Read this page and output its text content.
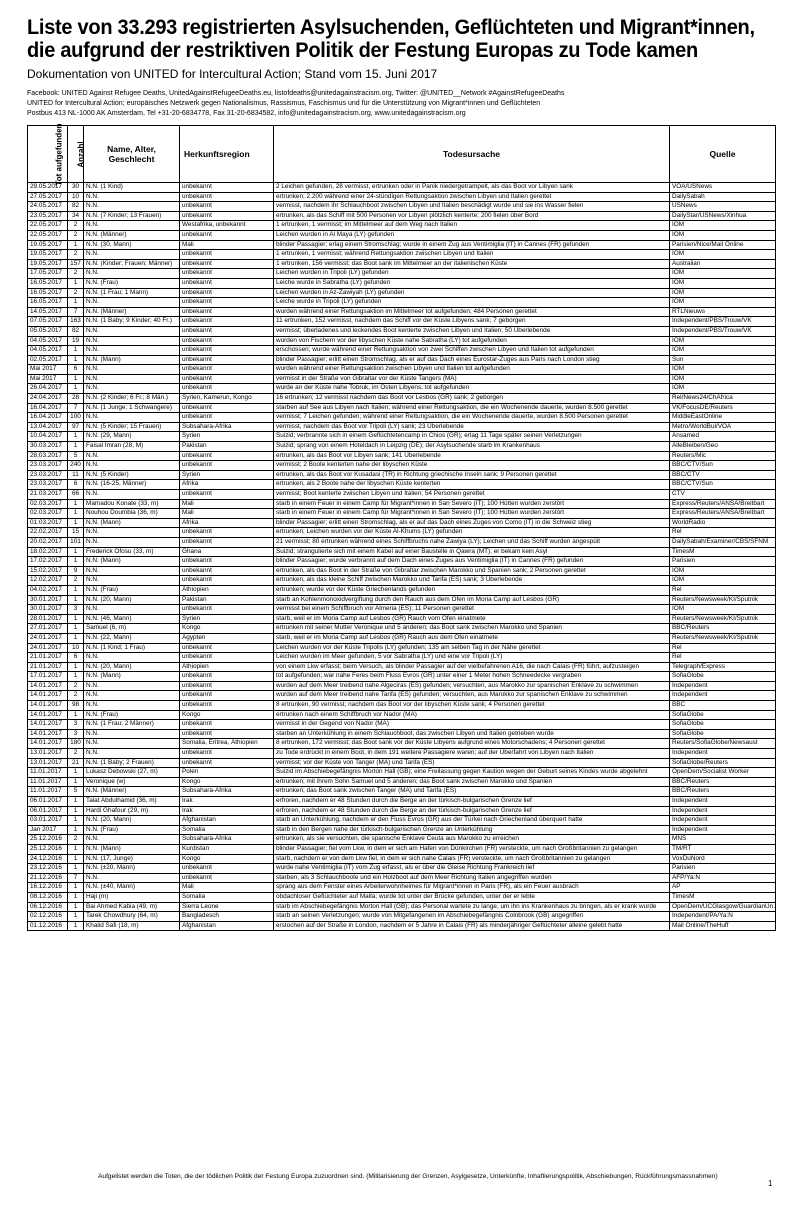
Liste von 33.293 registrierten Asylsuchenden, Geflüchteten und Migrant*innen,
die aufgrund der restriktiven Politik der Festung Europas zu Tode kamen
Dokumentation von UNITED for Intercultural Action; Stand vom 15. Juni 2017
Facebook: UNITED Against Refugee Deaths, UnitedAgainstRefugeeDeaths.eu, listofdeaths@unitedagainstracism.org, Twitter: @UNITED__Network #AgainstRefugeeDeaths
UNITED for Intercultural Action; europäisches Netzwerk gegen Nationalismus, Rassismus, Faschismus und für die Unterstützung von Migrant*innen und Geflüchteten
Postbus 413 NL-1000 AK Amsterdam, Tel +31-20-6834778, Fax 31-20-6834582, info@unitedagainstracism.org, www.unitedagainstracism.org
Tot aufgefunden	Anzahl	Name, Alter, Geschlecht	Herkunftsregion	Todesursache	Quelle
29.05.2017	30	N.N. (1 Kind)	unbekannt	2 Leichen gefunden, 28 vermisst, ertrunken oder in Panik niedergetrampelt, als das Boot vor Libyen sank	VOA/USNews
27.05.2017	10	N.N.	unbekannt	ertrunken; 2.200 während einer 24-stündigen Rettungsaktion zwischen Libyen und Italien gerettet	DailySabah
24.05.2017	82	N.N.	unbekannt	vermisst, nachdem ihr Schlauchboot zwischen Libyen und Italien beschädigt wurde und sie ins Wasser fielen	USNews
23.05.2017	34	N.N. (7 Kinder; 13 Frauen)	unbekannt	ertrunken, als das Schiff mit 500 Personen vor Libyen plötzlich kenterte; 200 fielen über Bord	DailyStar/USNews/Xinhua
22.05.2017	2	N.N.	Westafrika, unbekannt	1 ertrunken, 1 vermisst; im Mittelmeer auf dem Weg nach Italien	IOM
22.05.2017	2	N.N. (Männer)	unbekannt	Leichen wurden in Al Maya (LY) gefunden	IOM
19.05.2017	1	N.N. (30, Mann)	Mali	blinder Passagier; erlag einem Stromschlag; wurde in einem Zug aus Ventimiglia (IT) in Cannes (FR) gefunden	Parisien/Nice/Mail Online
19.05.2017	2	N.N.	unbekannt	1 ertrunken, 1 vermisst; während Rettungsaktion zwischen Libyen und Italien	IOM
19.05.2017	157	N.N. (Kinder; Frauen; Männer)	unbekannt	1 ertrunken, 156 vermisst; das Boot sank im Mittelmeer an der italienischen Küste	Australian
17.05.2017	2	N.N.	unbekannt	Leichen wurden in Tripoli (LY) gefunden	IOM
16.05.2017	1	N.N. (Frau)	unbekannt	Leiche wurde in Sabratha (LY) gefunden	IOM
16.05.2017	2	N.N. (1 Frau; 1 Mann)	unbekannt	Leichen wurden in Az-Zawiyah (LY) gefunden	IOM
16.05.2017	1	N.N.	unbekannt	Leiche wurde in Tripoli (LY) gefunden	IOM
14.05.2017	7	N.N. (Männer)	unbekannt	wurden während einer Rettungsaktion im Mittelmeer tot aufgefunden; 484 Personen gerettet	RTLNieuws
07.05.2017	163	N.N. (1 Baby; 9 Kinder; 40 Fr.)	unbekannt	11 ertrunken, 152 vermisst, nachdem das Schiff vor der Küste Libyens sank; 7 geborgen	Independent/PBS/Trouw/VK
05.05.2017	82	N.N.	unbekannt	vermisst; überladenes und leckendes Boot kenterte zwischen Libyen und Italien; 50 Überlebende	Independent/PBS/Trouw/VK
04.05.2017	19	N.N.	unbekannt	wurden von Fischern vor der libyschen Küste nahe Sabratha (LY) tot aufgefunden	IOM
04.05.2017	1	N.N.	unbekannt	erschossen; wurde während einer Rettungsaktion von zwei Schiffen zwischen Libyen und Italien tot aufgefunden	IOM
02.05.2017	1	N.N. (Mann)	unbekannt	blinder Passagier; erlitt einen Stromschlag, als er auf das Dach eines Eurostar-Zuges aus Paris nach London stieg	Sun
Mai 2017	6	N.N.	unbekannt	wurden während einer Rettungsaktion zwischen Libyen und Italien tot aufgefunden	IOM
Mai 2017	1	N.N.	unbekannt	vermisst in der Straße von Gibraltar vor der Küste Tangers (MA)	IOM
26.04.2017	1	N.N.	unbekannt	wurde an der Küste nahe Tobruk, im Osten Libyens, tot aufgefunden	IOM
24.04.2017	28	N.N. (2 Kinder; 6 Fr.; 8 Män.)	Syrien, Kamerun, Kongo	16 ertrunken; 12 vermisst nachdem das Boot vor Lesbos (GR) sank; 2 geborgen	Rel/News24/ChAfrica
16.04.2017	7	N.N. (1 Junge; 1 Schwangere)	unbekannt	starben auf See aus Libyen nach Italien; während einer Rettungsaktion, die ein Wochenende dauerte, wurden 8.500 gerettet	VK/FocusDE/Reuters
16.04.2017	100	N.N.	unbekannt	vermisst; 7 Leichen gefunden; während einer Rettungsaktion, die ein Wochenende dauerte, wurden 8.500 Personen gerettet	MiddleEastOnline
13.04.2017	97	N.N. (5 Kinder; 15 Frauen)	Subsahara-Afrika	vermisst, nachdem das Boot vor Tripoli (LY) sank; 23 Überlebende	Metro/WorldBul/VOA
10.04.2017	1	N.N. (29, Mann)	Syrien	Suizid; verbrannte sich in einem Geflüchtetencamp in Chios (GR); erlag 11 Tage später seinen Verletzungen	Ansamed
30.03.2017	1	Faisal Imran (28, M)	Pakistan	Suizid; sprang von einem Hoteldach in Leipzig (DE); der Asylsuchende starb im Krankenhaus	AlleBleiben/Geo
28.03.2017	5	N.N.	unbekannt	ertrunken, als das Boot vor Libyen sank; 141 Überlebende	Reuters/Mic
23.03.2017	240	N.N.	unbekannt	vermisst; 2 Boote kenterten nahe der libyschen Küste	BBC/CTV/Sun
23.03.2017	11	N.N. (5 Kinder)	Syrien	ertrunken, als das Boot vor Kusadasi (TR) in Richtung griechische Inseln sank; 9 Personen gerettet	BBC/CTV
23.03.2017	6	N.N. (16-25, Männer)	Afrika	ertrunken, als 2 Boote nahe der libyschen Küste kenterten	BBC/CTV/Sun
21.03.2017	66	N.N.	unbekannt	vermisst; Boot kenterte zwischen Libyen und Italien; 54 Personen gerettet	CTV
02.03.2017	1	Mamadou Konate (33, m)	Mali	starb in einem Feuer in einem Camp für Migrant*innen in San Severo (IT); 100 Hütten wurden zerstört	Express/Reuters/ANSA/Breitbart
02.03.2017	1	Nouhou Doumbia (36, m)	Mali	starb in einem Feuer in einem Camp für Migrant*innen in San Severo (IT); 100 Hütten wurden zerstört	Express/Reuters/ANSA/Breitbart
01.03.2017	1	N.N. (Mann)	Afrika	blinder Passagier; erlitt einen Stromschlag, als er auf das Dach eines Zuges von Como (IT) in die Schweiz stieg	WorldRadio
22.02.2017	15	N.N.	unbekannt	ertrunken; Leichen wurden vor der Küste Al-Khums (LY) gefunden	Rel
20.02.2017	101	N.N.	unbekannt	21 vermisst; 80 ertrunken während eines Schiffbruchs nahe Zawiya (LY); Leichen und das Schiff wurden angespült	DailySabah/Examiner/CBS/SFNM
18.02.2017	1	Frederick Ofosu (33, m)	Ghana	Suizid; strangulierte sich mit einem Kabel auf einer Baustelle in Qawra (MT); er bekam kein Asyl	TimesM
17.02.2017	1	N.N. (Mann)	unbekannt	blinder Passagier; wurde verbrannt auf dem Dach eines Zuges aus Ventimiglia (IT) in Cannes (FR) gefunden	Parisien
15.02.2017	9	N.N.	unbekannt	ertrunken, als das Boot in der Straße von Gibraltar zwischen Marokko und Spanien sank; 2 Personen gerettet	IOM
12.02.2017	2	N.N.	unbekannt	ertrunken, als das kleine Schiff zwischen Marokko und Tarifa (ES) sank; 3 Überlebende	IOM
04.02.2017	1	N.N. (Frau)	Äthiopien	ertrunken; wurde vor der Küste Griechenlands gefunden	Rel
30.01.2017	1	N.N. (20, Mann)	Pakistan	starb an Kohlenmonoxidvergiftung durch den Rauch aus dem Ofen im Moria Camp auf Lesbos (GR)	Reuters/Newsweek/KI/Sputnik
30.01.2017	3	N.N.	unbekannt	vermisst bei einem Schiffbruch vor Almeria (ES); 11 Personen gerettet	IOM
28.01.2017	1	N.N. (46, Mann)	Syrien	starb, weil er im Moria Camp auf Lesbos (GR) Rauch vom Ofen einatmete	Reuters/Newsweek/KI/Sputnik
27.01.2017	1	Samuel (6, m)	Kongo	ertrunken mit seiner Mutter Veronique und 5 anderen; das Boot sank zwischen Marokko und Spanien	BBC/Reuters
24.01.2017	1	N.N. (22, Mann)	Ägypten	starb, weil er im Moria Camp auf Lesbos (GR) Rauch aus dem Ofen einatmete	Reuters/Newsweek/KI/Sputnik
24.01.2017	10	N.N. (1 Kind; 1 Frau)	unbekannt	Leichen wurden vor der Küste Tripolis (LY) gefunden; 135 am selben Tag in der Nähe gerettet	Rel
21.01.2017	6	N.N.	unbekannt	Leichen wurden im Meer gefunden, 5 vor Sabratha (LY) und eine vor Tripoli (LY)	Rel
21.01.2017	1	N.N. (20, Mann)	Äthiopien	von einem Lkw erfasst; beim Versuch, als blinder Passagier auf der vielbefahrenen A16, die nach Calais (FR) führt, aufzusteigen	Telegraph/Express
17.01.2017	1	N.N. (Mann)	unbekannt	tot aufgefunden; war nahe Feres beim Fluss Evros (GR) unter einer 1 Meter hohen Schneedecke vergraben	SofiaGlobe
14.01.2017	2	N.N.	unbekannt	wurden auf dem Meer treibend nahe Algeciras (ES) gefunden; versuchten, aus Marokko zur spanischen Enklave zu schwimmen	Independent
14.01.2017	2	N.N.	unbekannt	wurden auf dem Meer treibend nahe Tarifa (ES) gefunden; versuchten, aus Marokko zur spanischen Enklave zu schwimmen	Independent
14.01.2017	98	N.N.	unbekannt	8 ertrunken, 90 vermisst; nachdem das Boot vor der libyschen Küste sank; 4 Personen gerettet	BBC
14.01.2017	1	N.N. (Frau)	Kongo	ertrunken nach einem Schiffbruch vor Nador (MA)	SofiaGlobe
14.01.2017	3	N.N. (1 Frau; 2 Männer)	unbekannt	vermisst in der Gegend von Nador (MA)	SofiaGlobe
14.01.2017	3	N.N.	unbekannt	starben an Unterkühlung in einem Schlauchboot, das zwischen Libyen und Italien getrieben wurde	SofiaGlobe
14.01.2017	180	N.N.	Somalia, Eritrea, Äthiopien	8 ertrunken, 172 vermisst; das Boot sank vor der Küste Libyens aufgrund eines Motorschadens; 4 Personen gerettet	Reuters/SofiaGlobe/Newsaust
13.01.2017	2	N.N.	unbekannt	zu Tode erdrückt in einem Boot, in dem 191 weitere Passagiere waren; auf der Überfahrt von Libyen nach Italien	Independent
13.01.2017	21	N.N. (1 Baby; 2 Frauen)	unbekannt	vermisst; vor der Küste von Tanger (MA) und Tarifa (ES)	SofiaGlobe/Reuters
11.01.2017	1	Lukasz Debowski (27, m)	Polen	Suizid im Abschiebegefängnis Morton Hall (GB); eine Freilassung gegen Kaution wegen der Geburt seines Kindes wurde abgelehnt	OpenDem/Socialist Worker
11.01.2017	1	Veronique (w)	Kongo	ertrunken; mit ihrem Sohn Samuel und 5 anderen; das Boot sank zwischen Marokko und Spanien	BBC/Reuters
11.01.2017	5	N.N. (Männer)	Subsahara-Afrika	ertrunken; das Boot sank zwischen Tanger (MA) und Tarifa (ES)	BBC/Reuters
06.01.2017	1	Talat Abdulhamid (36, m)	Irak	erfroren, nachdem er 48 Stunden durch die Berge an der türkisch-bulgarischen Grenze lief	Independent
06.01.2017	1	Hardi Ghafour (29, m)	Irak	erfroren, nachdem er 48 Stunden durch die Berge an der türkisch-bulgarischen Grenze lief	Independent
03.01.2017	1	N.N. (20, Mann)	Afghanistan	starb an Unterkühlung, nachdem er den Fluss Evros (GR) aus der Türkei nach Griechenland überquert hatte	Independent
Jan 2017	1	N.N. (Frau)	Somalia	starb in den Bergen nahe der türkisch-bulgarischen Grenze an Unterkühlung	Independent
25.12.2016	2	N.N.	Subsahara-Afrika	ertrunken, als sie versuchten, die spanische Enklave Ceuta aus Marokko zu erreichen	MNS
25.12.2016	1	N.N. (Mann)	Kurdistan	blinder Passagier; fiel vom Lkw, in dem er sich am Hafen von Dünkirchen (FR) versteckte, um nach Großbritannien zu gelangen	TM/RT
24.12.2016	1	N.N. (17, Junge)	Kongo	starb, nachdem er von dem Lkw fiel, in dem er sich nahe Calais (FR) versteckte, um nach Großbritannien zu gelangen	VoxDuNord
23.12.2016	1	N.N. (±20, Mann)	unbekannt	wurde nahe Ventimiglia (IT) vom Zug erfasst, als er über die Gleise Richtung Frankreich lief	Parisien
21.12.2016	7	N.N.	unbekannt	starben, als 3 Schlauchboote und ein Holzboot auf dem Meer Richtung Italien angegriffen wurden	AFP/Ya:N
16.12.2016	1	N.N. (±40, Mann)	Mali	sprang aus dem Fenster eines Arbeiterwohnheimes für Migrant*innen in Paris (FR), als ein Feuer ausbrach	AP
08.12.2016	1	Haji (m)	Somalia	obdachloser Geflüchteter auf Malta; wurde tot unter der Brücke gefunden, unter der er lebte	TimesM
06.12.2016	1	Bai Ahmed Kabia (49, m)	Sierra Leone	starb im Abschiebegefängnis Morton Hall (GB); das Personal wartete zu lange, um ihn ins Krankenhaus zu bringen, als er krank wurde	OpenDem/UCGlasgow/GuardianUn.
02.12.2016	1	Tarek Chowdhury (64, m)	Bangladesch	starb an seinen Verletzungen; wurde von Mitgefangenen im Abschiebegefängnis Colnbrook (GB) angegriffen	Independent/PA/Ya:N
01.12.2016	1	Khalid Safi (18, m)	Afghanistan	erstochen auf der Straße in London, nachdem er 5 Jahre in Calais (FR) als minderjähriger Geflüchteter alleine gelebt hatte	Mail Online/TheHuff
Aufgelistet werden die Toten, die der tödlichen Politik der Festung Europa zuzuordnen sind. (Militarisierung der Grenzen, Asylgesetze, Unterkünfte, Inhaftierungspolitik, Abschiebungen, Rückführungsmassnahmen)
1
